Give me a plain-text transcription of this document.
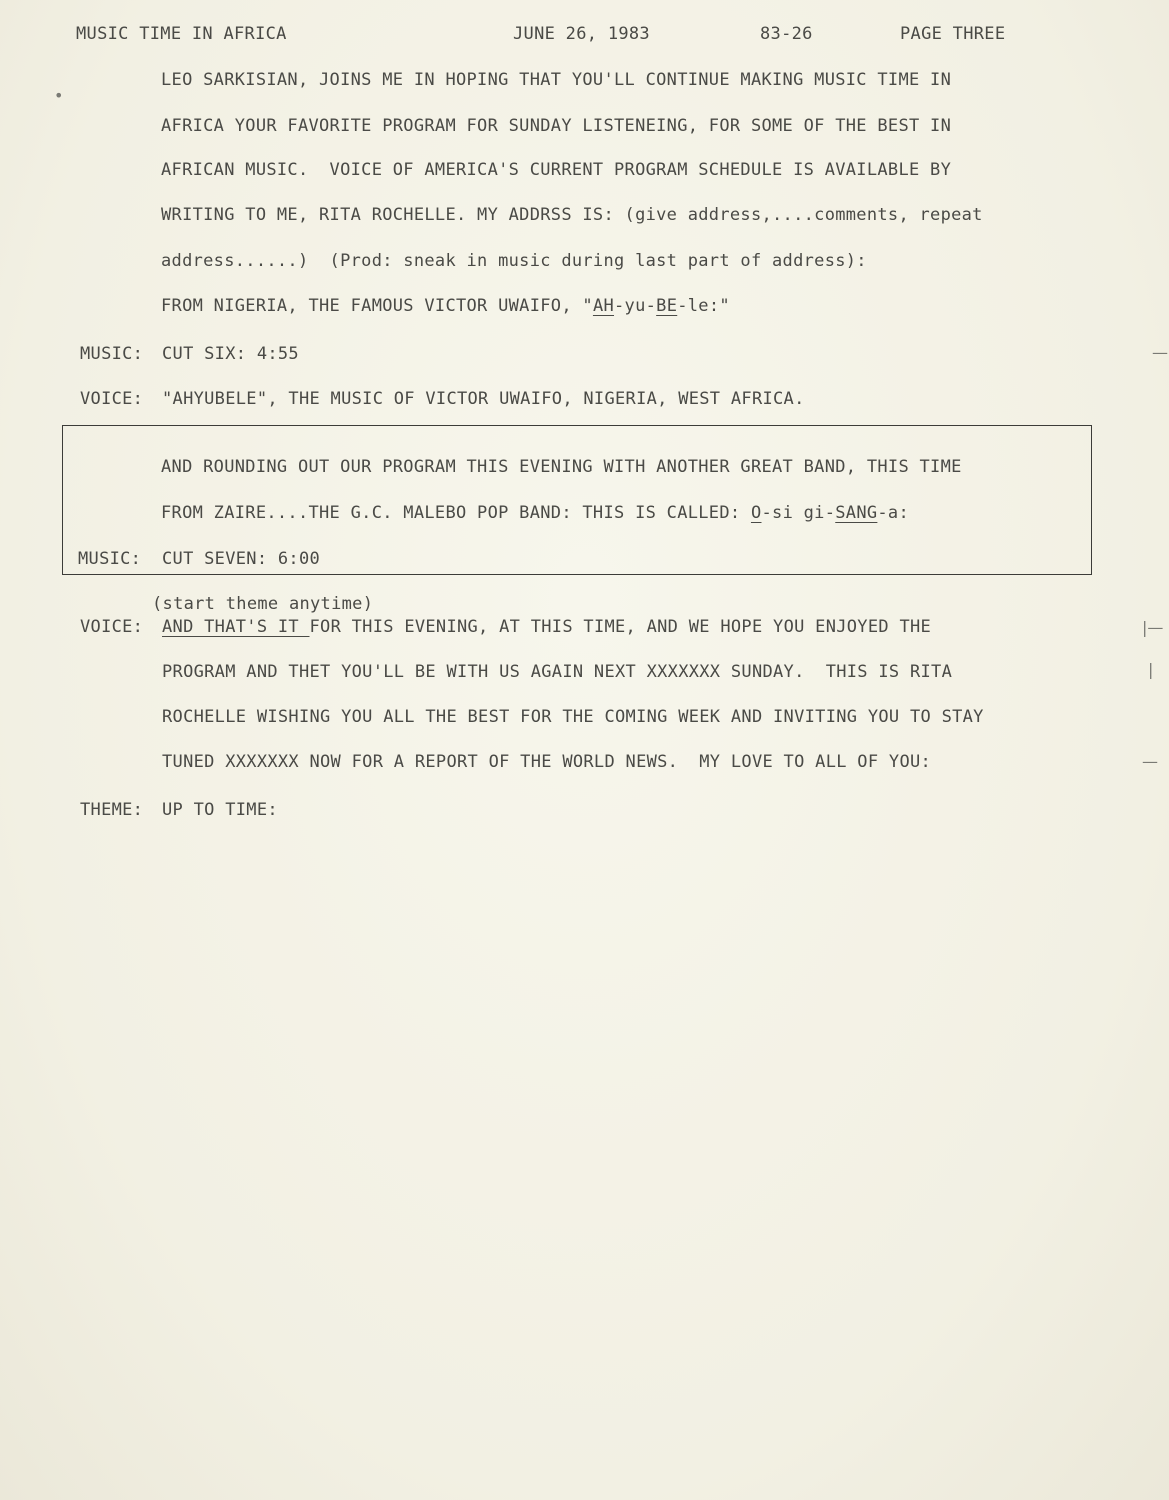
MUSIC TIME IN AFRICA	JUNE 26, 1983	83-26	PAGE THREE
LEO SARKISIAN, JOINS ME IN HOPING THAT YOU'LL CONTINUE MAKING MUSIC TIME IN
AFRICA YOUR FAVORITE PROGRAM FOR SUNDAY LISTENEING, FOR SOME OF THE BEST IN
AFRICAN MUSIC.  VOICE OF AMERICA'S CURRENT PROGRAM SCHEDULE IS AVAILABLE BY
WRITING TO ME, RITA ROCHELLE. MY ADDRSS IS: (give address,....comments, repeat
address......)  (Prod: sneak in music during last part of address):
FROM NIGERIA, THE FAMOUS VICTOR UWAIFO, "AH-yu-BE-le:"
MUSIC: CUT SIX: 4:55
VOICE: "AHYUBELE", THE MUSIC OF VICTOR UWAIFO, NIGERIA, WEST AFRICA.
AND ROUNDING OUT OUR PROGRAM THIS EVENING WITH ANOTHER GREAT BAND, THIS TIME
FROM ZAIRE....THE G.C. MALEBO POP BAND: THIS IS CALLED: O-si gi-SANG-a:
MUSIC: CUT SEVEN: 6:00
(start theme anytime)
VOICE: AND THAT'S IT FOR THIS EVENING, AT THIS TIME, AND WE HOPE YOU ENJOYED THE
PROGRAM AND THET YOU'LL BE WITH US AGAIN NEXT XXXXXXX SUNDAY.  THIS IS RITA
ROCHELLE WISHING YOU ALL THE BEST FOR THE COMING WEEK AND INVITING YOU TO STAY
TUNED XXXXXXX NOW FOR A REPORT OF THE WORLD NEWS.  MY LOVE TO ALL OF YOU:
THEME: UP TO TIME:
—
|—
|
—
•
